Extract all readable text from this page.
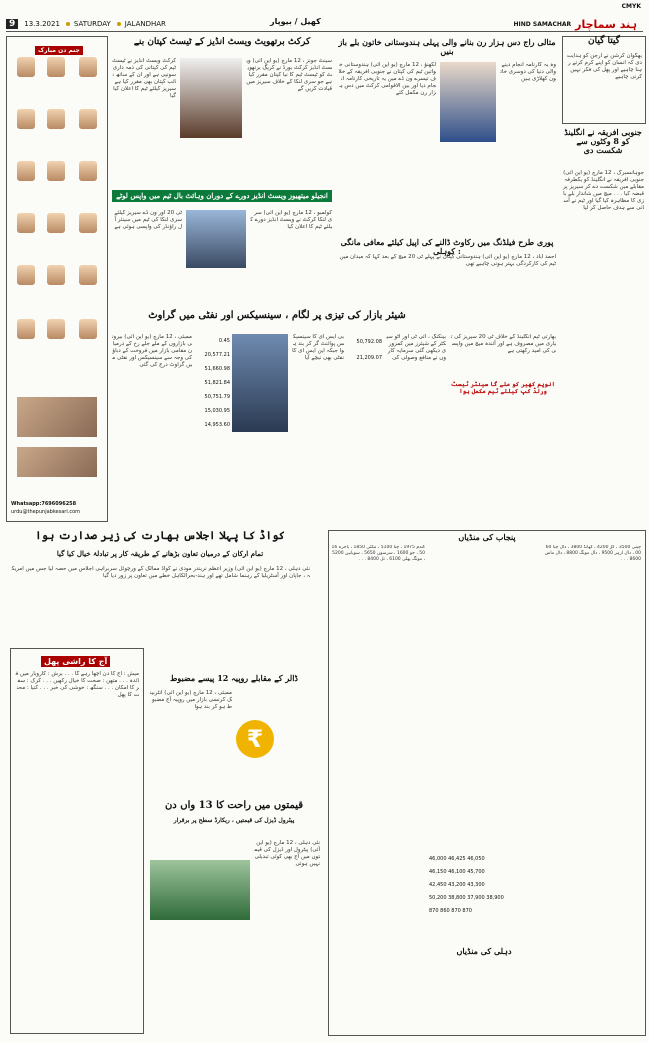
CMYK
9	13.3.2021 SATURDAY JALANDHAR	کھیل / بیوپار	HIND SAMACHAR ہند سماچار
جنم دن مبارک
Whatsapp:7696096258
urdu@thepunjabkesari.com
کرکٹ برتھویٹ ویسٹ انڈیز کے ٹیسٹ کپتان بنے
کرکٹ ویسٹ انڈیز نے ٹیسٹ ٹیم کی کپتانی کی ذمہ داری سونپی ہے اور ان کے ساتھ نائب کپتان بھی مقرر کیا ہے سیریز کیلئے ٹیم کا اعلان کیا گیا
سینٹ جونز ، 12 مارچ (یو این آئی) ویسٹ انڈیز کرکٹ بورڈ نے کریگ برتھویٹ کو ٹیسٹ ٹیم کا نیا کپتان مقرر کیا ہے جو سری لنکا کے خلاف سیریز میں قیادت کریں گے
انجیلو میتھیوز ویسٹ انڈیز دورے کے دوران وہائٹ بال ٹیم میں واپس لوٹے
ٹی 20 اور ون ڈے سیریز کیلئے سری لنکا کی ٹیم میں سینئر آل راؤنڈر کی واپسی ہوئی ہے
کولمبو ، 12 مارچ (یو این آئی) سری لنکا کرکٹ نے ویسٹ انڈیز دورے کیلئے ٹیم کا اعلان کیا
شیئر بازار کی تیزی پر لگام ، سینسیکس اور نفٹی میں گراوٹ
0.45
20,577.21
51,660.98
51,821.84
50,751.79
15,030.95
14,953.60
50,792.08
21,209.07
ممبئی ، 12 مارچ (یو این آئی) بیرونی بازاروں کے ملے جلے رخ کے درمیان مقامی بازار میں فروخت کے دباؤ کی وجہ سے سینسیکس اور نفٹی میں گراوٹ درج کی گئی
بی ایس ای کا سینسیکس پوائنٹ گر کر بند ہوا جبکہ این ایس ای کا نفٹی بھی نیچے آیا
بینکنگ ، آئی ٹی اور آٹو سیکٹر کے شیئرز میں کمزوری دیکھی گئی سرمایہ کاروں نے منافع وصولی کی
متالی راج دس ہزار رن بنانے والی پہلی ہندوستانی خاتون بلے باز بنیں
لکھنؤ ، 12 مارچ (یو این آئی) ہندوستانی خواتین ٹیم کی کپتان نے جنوبی افریقہ کے خلاف تیسرے ون ڈے میں یہ تاریخی کارنامہ انجام دیا اور بین الاقوامی کرکٹ میں دس ہزار رن مکمل کئے
وہ یہ کارنامہ انجام دینے والی دنیا کی دوسری خاتون کھلاڑی ہیں
پوری طرح فیلڈنگ میں رکاوٹ ڈالنے کی اپیل کیلئے معافی مانگی : کوہلی
احمد آباد ، 12 مارچ (یو این آئی) ہندوستانی کپتان نے پہلے ٹی 20 میچ کے بعد کہا کہ میدان میں ٹیم کی کارکردگی بہتر ہونی چاہیے تھی
بھارتی ٹیم انگلینڈ کے خلاف ٹی 20 سیریز کی تیاری میں مصروف ہے اور آئندہ میچ میں واپسی کی امید رکھتی ہے
انوپم کھیر کو ملے گا سینٹر ٹیسٹ ورلڈ کپ کیلئے ٹیم مکمل ہوا
گیتا گیان
بھگوان کرشن نے ارجن کو ہدایت دی کہ انسان کو اپنے کرم کرتے رہنا چاہیے اور پھل کی فکر نہیں کرنی چاہیے
جنوبی افریقہ نے انگلینڈ کو 8 وکٹوں سے شکست دی
جوہانسبرگ ، 12 مارچ (یو این آئی) جنوبی افریقہ نے انگلینڈ کو یکطرفہ مقابلے میں شکست دے کر سیریز پر قبضہ کیا . . . میچ میں شاندار بلے بازی کا مظاہرہ کیا گیا اور ٹیم نے آسانی سے ہدف حاصل کر لیا
کواڈ کا پہلا اجلاس بھارت کی زیر صدارت ہوا
تمام ارکان کے درمیان تعاون بڑھانے کے طریقہ کار پر تبادلۂ خیال کیا گیا
نئی دہلی ، 12 مارچ (یو این آئی) وزیر اعظم نریندر مودی نے کواڈ ممالک کے ورچوئل سربراہی اجلاس میں حصہ لیا جس میں امریکہ ، جاپان اور آسٹریلیا کے رہنما شامل تھے اور ہند-بحرالکاہل خطے میں تعاون پر زور دیا گیا
ڈالر کے مقابلے روپیہ 12 پیسے مضبوط
₹
ممبئی ، 12 مارچ (یو این آئی) انٹربینک کرنسی بازار میں روپیہ آج مضبوط ہو کر بند ہوا
قیمتوں میں راحت کا 13 واں دن
پیٹرول ڈیزل کی قیمتیں ، ریکارڈ سطح پر برقرار
نئی دہلی ، 12 مارچ (یو این آئی) پیٹرول اور ڈیزل کی قیمتوں میں آج بھی کوئی تبدیلی نہیں ہوئی
آج کا راشی پھل
میش : آج کا دن اچھا رہے گا . . . برش : کاروبار میں فائدہ . . . متھن : صحت کا خیال رکھیں . . . کرک : سفر کا امکان . . . سنگھ : خوشی کی خبر . . . کنیا : محنت کا پھل
پنجاب کی منڈیاں
46,000 46,425 46,050
46,150 46,100 45,700
42,450 43,200 43,300
50,200 38,800 37,900 38,900
870 860 870 870
گندم 1975 ، چنا 5100 ، مکئی 1850 ، باجرہ 1650 ، جو 1600 ، سرسوں 5650 ، سویابین 5200 ، مونگ پھلی 6100 ، تل 8400 . . .
چینی 3500 ، گڑ 4200 ، کھانڈ 3800 ، دال چنا 6000 ، دال ارہر 9500 ، دال مونگ 8800 ، دال ماش 8600 . . .
دہلی کی منڈیاں
